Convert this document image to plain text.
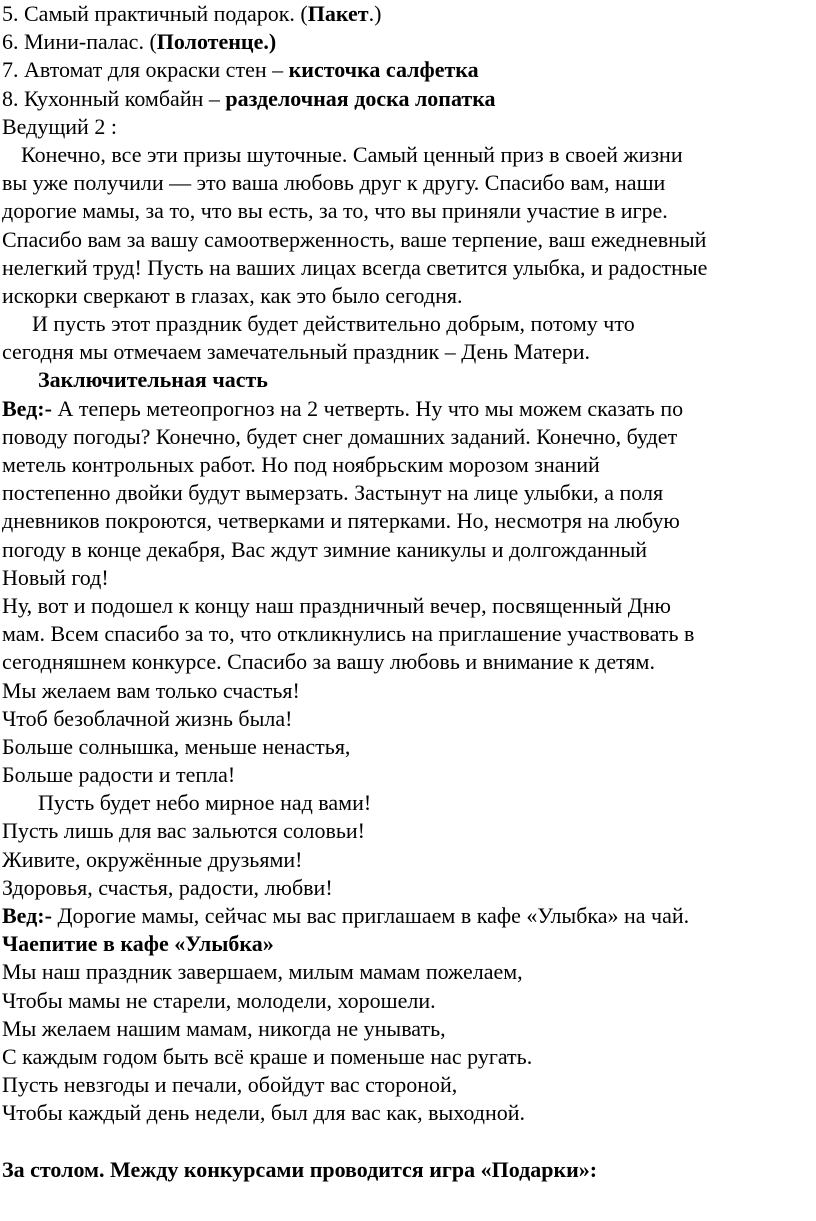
5. Самый практичный подарок. (Пакет.)
6. Мини-палас. (Полотенце.)
7. Автомат для окраски стен – кисточка салфетка
8. Кухонный комбайн – разделочная доска лопатка
Ведущий 2 :
Конечно, все эти призы шуточные. Самый ценный приз в своей жизни
вы уже получили — это ваша любовь друг к другу. Спасибо вам, наши
дорогие мамы, за то, что вы есть, за то, что вы приняли участие в игре.
Спасибо вам за вашу самоотверженность, ваше терпение, ваш ежедневный
нелегкий труд! Пусть на ваших лицах всегда светится улыбка, и радостные
искорки сверкают в глазах, как это было сегодня.
И пусть этот праздник будет действительно добрым, потому что
сегодня мы отмечаем замечательный праздник – День Матери.
Заключительная часть
Вед:- А теперь метеопрогноз на 2 четверть. Ну что мы можем сказать по
поводу погоды? Конечно, будет снег домашних заданий. Конечно, будет
метель контрольных работ. Но под ноябрьским морозом знаний
постепенно двойки будут вымерзать. Застынут на лице улыбки, а поля
дневников покроются, четверками и пятерками. Но, несмотря на любую
погоду в конце декабря, Вас ждут зимние каникулы и долгожданный
Новый год!
Ну, вот и подошел к концу наш праздничный вечер, посвященный Дню
мам. Всем спасибо за то, что откликнулись на приглашение участвовать в
сегодняшнем конкурсе. Спасибо за вашу любовь и внимание к детям.
Мы желаем вам только счастья!
Чтоб безоблачной жизнь была!
Больше солнышка, меньше ненастья,
Больше радости и тепла!
Пусть будет небо мирное над вами!
Пусть лишь для вас зальются соловьи!
Живите, окружённые друзьями!
Здоровья, счастья, радости, любви!
Вед:- Дорогие мамы, сейчас мы вас приглашаем в кафе «Улыбка» на чай.
Чаепитие в кафе «Улыбка»
Мы наш праздник завершаем, милым мамам пожелаем,
Чтобы мамы не старели, молодели, хорошели.
Мы желаем нашим мамам, никогда не унывать,
С каждым годом быть всё краше и поменьше нас ругать.
Пусть невзгоды и печали, обойдут вас стороной,
Чтобы каждый день недели, был для вас как, выходной.
За столом. Между конкурсами проводится игра «Подарки»:
